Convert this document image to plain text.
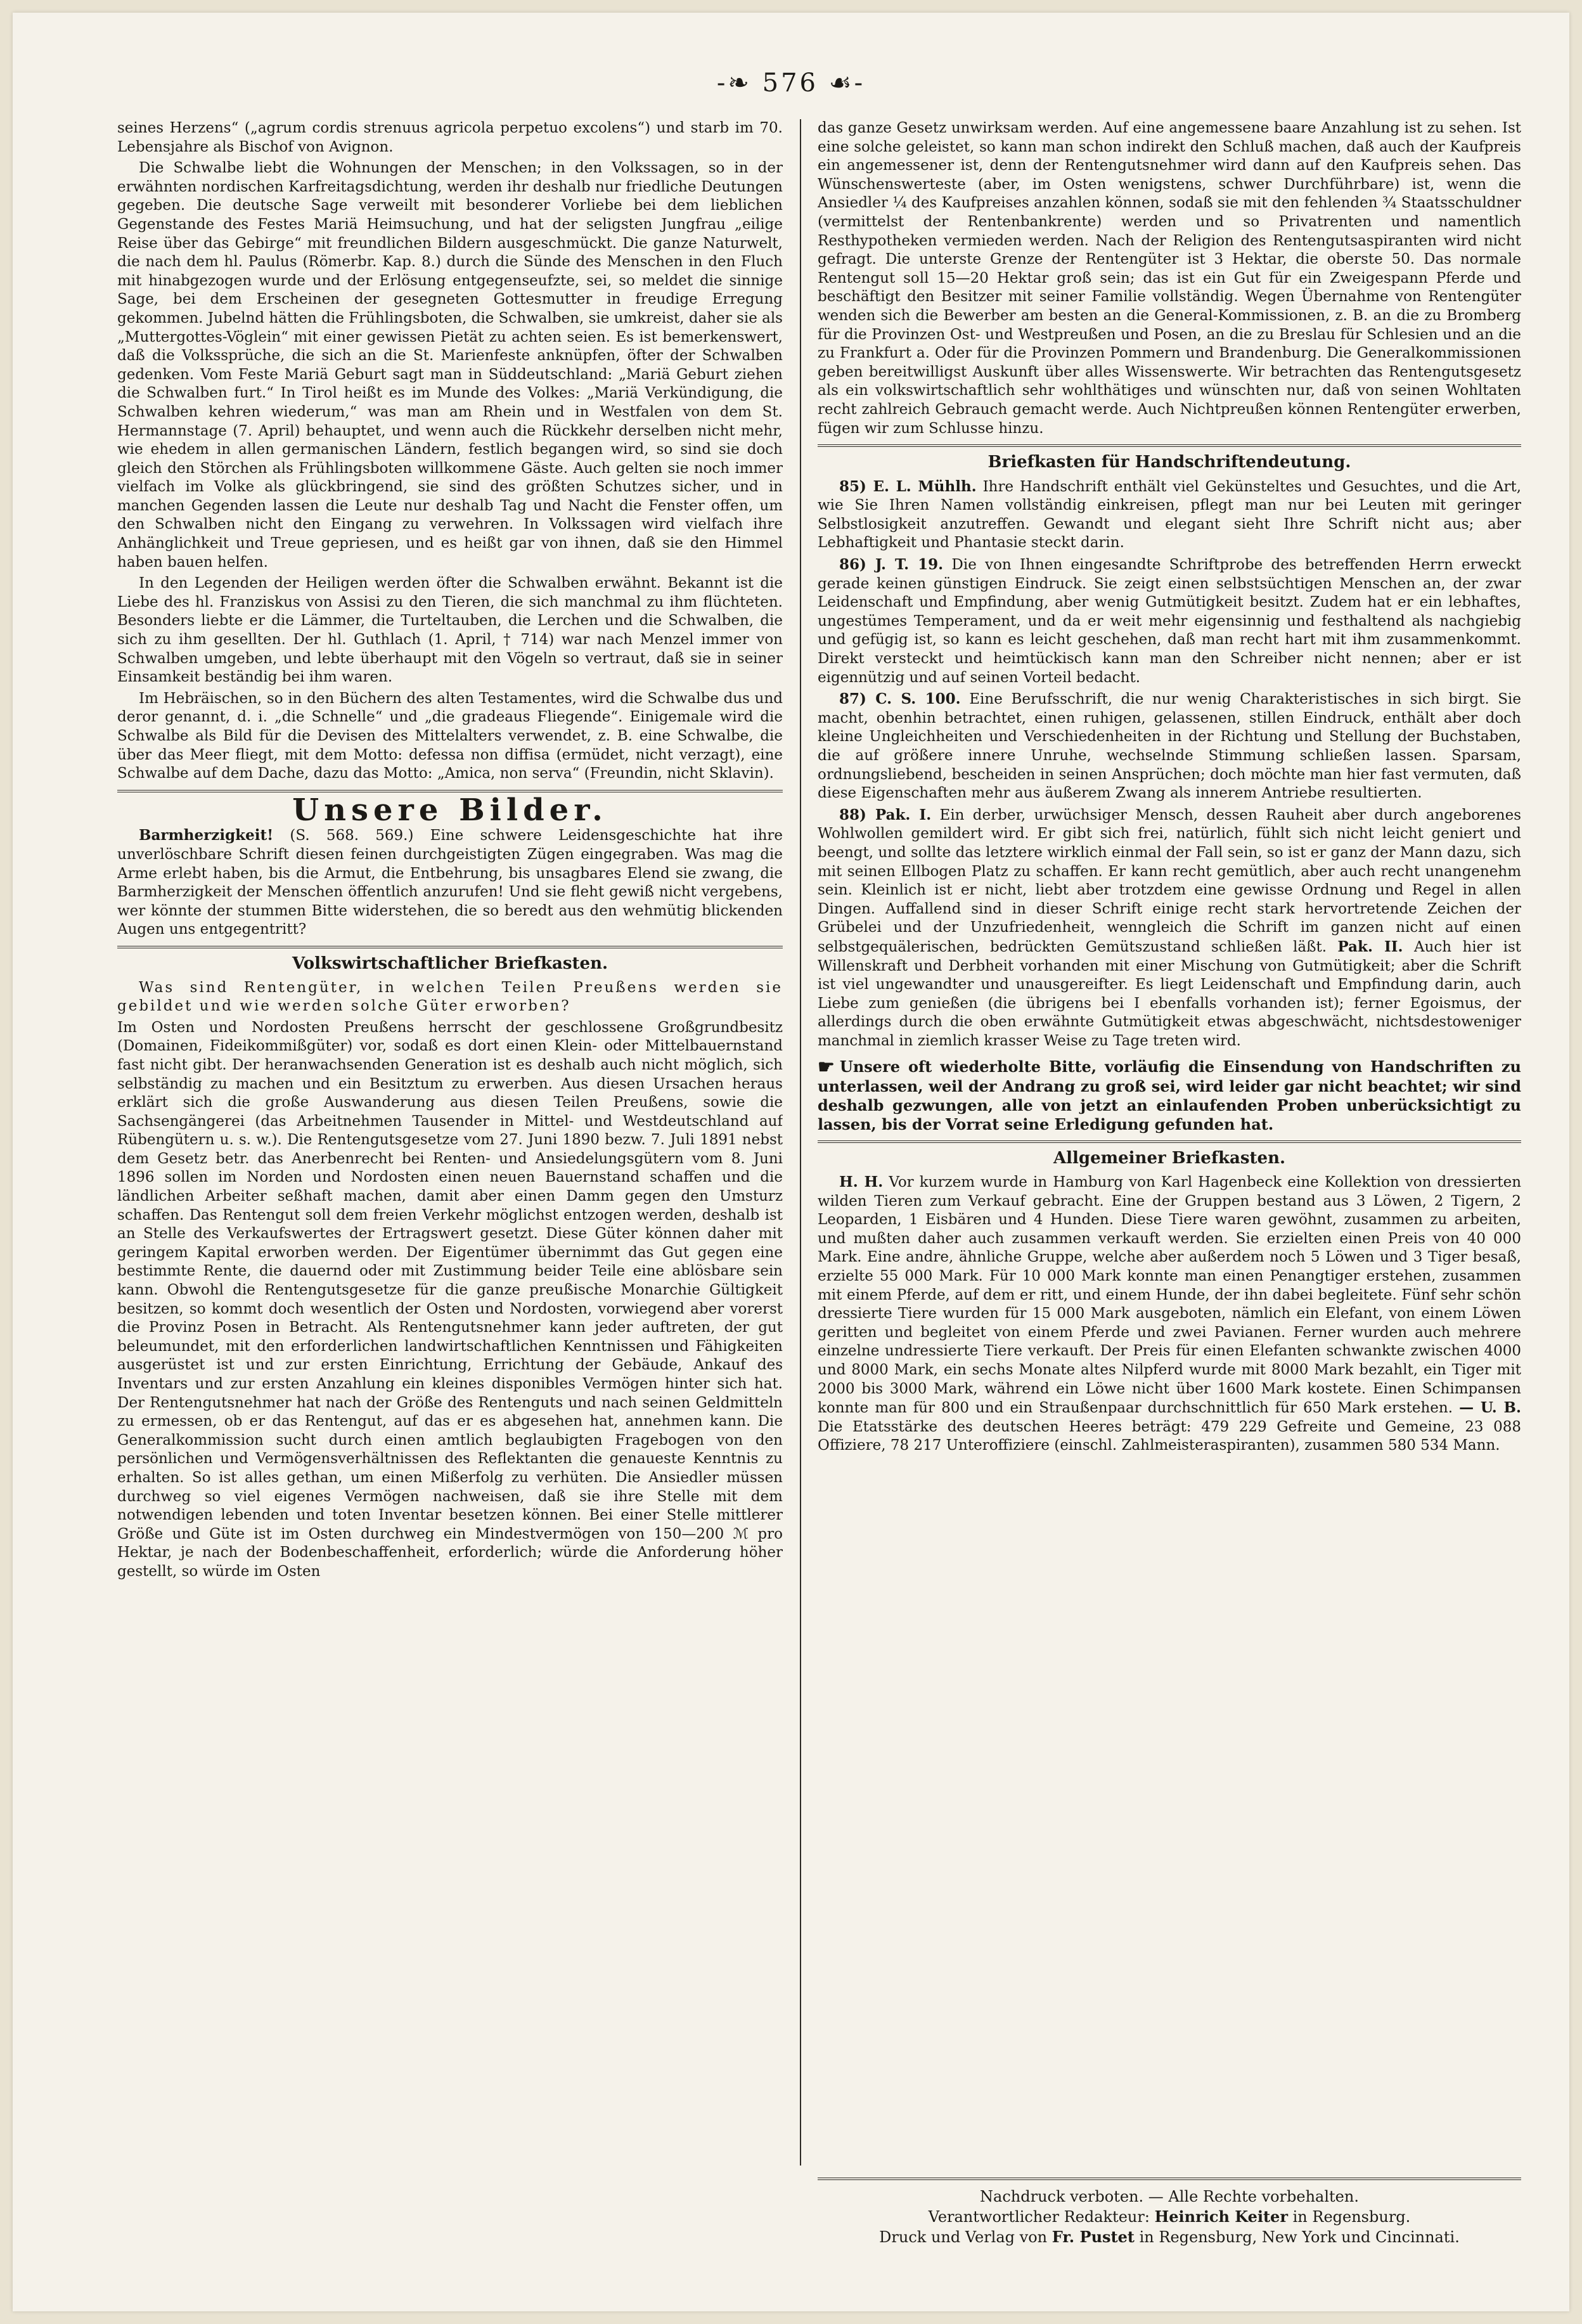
-❧ 576 ☙-

seines Herzens“ („agrum cordis strenuus agricola perpetuo excolens“) und starb im 70. Lebensjahre als Bischof von Avignon.

Die Schwalbe liebt die Wohnungen der Menschen; in den Volkssagen, so in der erwähnten nordischen Karfreitagsdichtung, werden ihr deshalb nur friedliche Deutungen gegeben. Die deutsche Sage verweilt mit besonderer Vorliebe bei dem lieblichen Gegenstande des Festes Mariä Heimsuchung, und hat der seligsten Jungfrau „eilige Reise über das Gebirge“ mit freundlichen Bildern ausgeschmückt. Die ganze Naturwelt, die nach dem hl. Paulus (Römerbr. Kap. 8.) durch die Sünde des Menschen in den Fluch mit hinabgezogen wurde und der Erlösung entgegenseufzte, sei, so meldet die sinnige Sage, bei dem Erscheinen der gesegneten Gottesmutter in freudige Erregung gekommen. Jubelnd hätten die Frühlingsboten, die Schwalben, sie umkreist, daher sie als „Muttergottes-Vöglein“ mit einer gewissen Pietät zu achten seien. Es ist bemerkenswert, daß die Volkssprüche, die sich an die St. Marienfeste anknüpfen, öfter der Schwalben gedenken. Vom Feste Mariä Geburt sagt man in Süddeutschland: „Mariä Geburt ziehen die Schwalben furt.“ In Tirol heißt es im Munde des Volkes: „Mariä Verkündigung, die Schwalben kehren wiederum,“ was man am Rhein und in Westfalen von dem St. Hermannstage (7. April) behauptet, und wenn auch die Rückkehr derselben nicht mehr, wie ehedem in allen germanischen Ländern, festlich begangen wird, so sind sie doch gleich den Störchen als Frühlingsboten willkommene Gäste. Auch gelten sie noch immer vielfach im Volke als glückbringend, sie sind des größten Schutzes sicher, und in manchen Gegenden lassen die Leute nur deshalb Tag und Nacht die Fenster offen, um den Schwalben nicht den Eingang zu verwehren. In Volkssagen wird vielfach ihre Anhänglichkeit und Treue gepriesen, und es heißt gar von ihnen, daß sie den Himmel haben bauen helfen.

In den Legenden der Heiligen werden öfter die Schwalben erwähnt. Bekannt ist die Liebe des hl. Franziskus von Assisi zu den Tieren, die sich manchmal zu ihm flüchteten. Besonders liebte er die Lämmer, die Turteltauben, die Lerchen und die Schwalben, die sich zu ihm gesellten. Der hl. Guthlach (1. April, † 714) war nach Menzel immer von Schwalben umgeben, und lebte überhaupt mit den Vögeln so vertraut, daß sie in seiner Einsamkeit beständig bei ihm waren.

Im Hebräischen, so in den Büchern des alten Testamentes, wird die Schwalbe dus und deror genannt, d. i. „die Schnelle“ und „die gradeaus Fliegende“. Einigemale wird die Schwalbe als Bild für die Devisen des Mittelalters verwendet, z. B. eine Schwalbe, die über das Meer fliegt, mit dem Motto: defessa non diffisa (ermüdet, nicht verzagt), eine Schwalbe auf dem Dache, dazu das Motto: „Amica, non serva“ (Freundin, nicht Sklavin).

Unsere Bilder.

Barmherzigkeit! (S. 568. 569.) Eine schwere Leidensgeschichte hat ihre unverlöschbare Schrift diesen feinen durchgeistigten Zügen eingegraben. Was mag die Arme erlebt haben, bis die Armut, die Entbehrung, bis unsagbares Elend sie zwang, die Barmherzigkeit der Menschen öffentlich anzurufen! Und sie fleht gewiß nicht vergebens, wer könnte der stummen Bitte widerstehen, die so beredt aus den wehmütig blickenden Augen uns entgegentritt?

Volkswirtschaftlicher Briefkasten.

Was sind Rentengüter, in welchen Teilen Preußens werden sie gebildet und wie werden solche Güter erworben?

Im Osten und Nordosten Preußens herrscht der geschlossene Großgrundbesitz (Domainen, Fideikommißgüter) vor, sodaß es dort einen Klein- oder Mittelbauernstand fast nicht gibt. Der heranwachsenden Generation ist es deshalb auch nicht möglich, sich selbständig zu machen und ein Besitztum zu erwerben. Aus diesen Ursachen heraus erklärt sich die große Auswanderung aus diesen Teilen Preußens, sowie die Sachsengängerei (das Arbeitnehmen Tausender in Mittel- und Westdeutschland auf Rübengütern u. s. w.). Die Rentengutsgesetze vom 27. Juni 1890 bezw. 7. Juli 1891 nebst dem Gesetz betr. das Anerbenrecht bei Renten- und Ansiedelungsgütern vom 8. Juni 1896 sollen im Norden und Nordosten einen neuen Bauernstand schaffen und die ländlichen Arbeiter seßhaft machen, damit aber einen Damm gegen den Umsturz schaffen. Das Rentengut soll dem freien Verkehr möglichst entzogen werden, deshalb ist an Stelle des Verkaufswertes der Ertragswert gesetzt. Diese Güter können daher mit geringem Kapital erworben werden. Der Eigentümer übernimmt das Gut gegen eine bestimmte Rente, die dauernd oder mit Zustimmung beider Teile eine ablösbare sein kann. Obwohl die Rentengutsgesetze für die ganze preußische Monarchie Gültigkeit besitzen, so kommt doch wesentlich der Osten und Nordosten, vorwiegend aber vorerst die Provinz Posen in Betracht. Als Rentengutsnehmer kann jeder auftreten, der gut beleumundet, mit den erforderlichen landwirtschaftlichen Kenntnissen und Fähigkeiten ausgerüstet ist und zur ersten Einrichtung, Errichtung der Gebäude, Ankauf des Inventars und zur ersten Anzahlung ein kleines disponibles Vermögen hinter sich hat. Der Rentengutsnehmer hat nach der Größe des Rentenguts und nach seinen Geldmitteln zu ermessen, ob er das Rentengut, auf das er es abgesehen hat, annehmen kann. Die Generalkommission sucht durch einen amtlich beglaubigten Fragebogen von den persönlichen und Vermögensverhältnissen des Reflektanten die genaueste Kenntnis zu erhalten. So ist alles gethan, um einen Mißerfolg zu verhüten. Die Ansiedler müssen durchweg so viel eigenes Vermögen nachweisen, daß sie ihre Stelle mit dem notwendigen lebenden und toten Inventar besetzen können. Bei einer Stelle mittlerer Größe und Güte ist im Osten durchweg ein Mindestvermögen von 150—200 ℳ pro Hektar, je nach der Bodenbeschaffenheit, erforderlich; würde die Anforderung höher gestellt, so würde im Osten

das ganze Gesetz unwirksam werden. Auf eine angemessene baare Anzahlung ist zu sehen. Ist eine solche geleistet, so kann man schon indirekt den Schluß machen, daß auch der Kaufpreis ein angemessener ist, denn der Rentengutsnehmer wird dann auf den Kaufpreis sehen. Das Wünschenswerteste (aber, im Osten wenigstens, schwer Durchführbare) ist, wenn die Ansiedler ¼ des Kaufpreises anzahlen können, sodaß sie mit den fehlenden ¾ Staatsschuldner (vermittelst der Rentenbankrente) werden und so Privatrenten und namentlich Resthypotheken vermieden werden. Nach der Religion des Rentengutsaspiranten wird nicht gefragt. Die unterste Grenze der Rentengüter ist 3 Hektar, die oberste 50. Das normale Rentengut soll 15—20 Hektar groß sein; das ist ein Gut für ein Zweigespann Pferde und beschäftigt den Besitzer mit seiner Familie vollständig. Wegen Übernahme von Rentengüter wenden sich die Bewerber am besten an die General-Kommissionen, z. B. an die zu Bromberg für die Provinzen Ost- und Westpreußen und Posen, an die zu Breslau für Schlesien und an die zu Frankfurt a. Oder für die Provinzen Pommern und Brandenburg. Die Generalkommissionen geben bereitwilligst Auskunft über alles Wissenswerte. Wir betrachten das Rentengutsgesetz als ein volkswirtschaftlich sehr wohlthätiges und wünschten nur, daß von seinen Wohltaten recht zahlreich Gebrauch gemacht werde. Auch Nichtpreußen können Rentengüter erwerben, fügen wir zum Schlusse hinzu.

Briefkasten für Handschriftendeutung.

85) E. L. Mühlh. Ihre Handschrift enthält viel Gekünsteltes und Gesuchtes, und die Art, wie Sie Ihren Namen vollständig einkreisen, pflegt man nur bei Leuten mit geringer Selbstlosigkeit anzutreffen. Gewandt und elegant sieht Ihre Schrift nicht aus; aber Lebhaftigkeit und Phantasie steckt darin.

86) J. T. 19. Die von Ihnen eingesandte Schriftprobe des betreffenden Herrn erweckt gerade keinen günstigen Eindruck. Sie zeigt einen selbstsüchtigen Menschen an, der zwar Leidenschaft und Empfindung, aber wenig Gutmütigkeit besitzt. Zudem hat er ein lebhaftes, ungestümes Temperament, und da er weit mehr eigensinnig und festhaltend als nachgiebig und gefügig ist, so kann es leicht geschehen, daß man recht hart mit ihm zusammenkommt. Direkt versteckt und heimtückisch kann man den Schreiber nicht nennen; aber er ist eigennützig und auf seinen Vorteil bedacht.

87) C. S. 100. Eine Berufsschrift, die nur wenig Charakteristisches in sich birgt. Sie macht, obenhin betrachtet, einen ruhigen, gelassenen, stillen Eindruck, enthält aber doch kleine Ungleichheiten und Verschiedenheiten in der Richtung und Stellung der Buchstaben, die auf größere innere Unruhe, wechselnde Stimmung schließen lassen. Sparsam, ordnungsliebend, bescheiden in seinen Ansprüchen; doch möchte man hier fast vermuten, daß diese Eigenschaften mehr aus äußerem Zwang als innerem Antriebe resultierten.

88) Pak. I. Ein derber, urwüchsiger Mensch, dessen Rauheit aber durch angeborenes Wohlwollen gemildert wird. Er gibt sich frei, natürlich, fühlt sich nicht leicht geniert und beengt, und sollte das letztere wirklich einmal der Fall sein, so ist er ganz der Mann dazu, sich mit seinen Ellbogen Platz zu schaffen. Er kann recht gemütlich, aber auch recht unangenehm sein. Kleinlich ist er nicht, liebt aber trotzdem eine gewisse Ordnung und Regel in allen Dingen. Auffallend sind in dieser Schrift einige recht stark hervortretende Zeichen der Grübelei und der Unzufriedenheit, wenngleich die Schrift im ganzen nicht auf einen selbstgequälerischen, bedrückten Gemütszustand schließen läßt. Pak. II. Auch hier ist Willenskraft und Derbheit vorhanden mit einer Mischung von Gutmütigkeit; aber die Schrift ist viel ungewandter und unausgereifter. Es liegt Leidenschaft und Empfindung darin, auch Liebe zum genießen (die übrigens bei I ebenfalls vorhanden ist); ferner Egoismus, der allerdings durch die oben erwähnte Gutmütigkeit etwas abgeschwächt, nichtsdestoweniger manchmal in ziemlich krasser Weise zu Tage treten wird.

☛ Unsere oft wiederholte Bitte, vorläufig die Einsendung von Handschriften zu unterlassen, weil der Andrang zu groß sei, wird leider gar nicht beachtet; wir sind deshalb gezwungen, alle von jetzt an einlaufenden Proben unberücksichtigt zu lassen, bis der Vorrat seine Erledigung gefunden hat.
Allgemeiner Briefkasten.

H. H. Vor kurzem wurde in Hamburg von Karl Hagenbeck eine Kollektion von dressierten wilden Tieren zum Verkauf gebracht. Eine der Gruppen bestand aus 3 Löwen, 2 Tigern, 2 Leoparden, 1 Eisbären und 4 Hunden. Diese Tiere waren gewöhnt, zusammen zu arbeiten, und mußten daher auch zusammen verkauft werden. Sie erzielten einen Preis von 40 000 Mark. Eine andre, ähnliche Gruppe, welche aber außerdem noch 5 Löwen und 3 Tiger besaß, erzielte 55 000 Mark. Für 10 000 Mark konnte man einen Penangtiger erstehen, zusammen mit einem Pferde, auf dem er ritt, und einem Hunde, der ihn dabei begleitete. Fünf sehr schön dressierte Tiere wurden für 15 000 Mark ausgeboten, nämlich ein Elefant, von einem Löwen geritten und begleitet von einem Pferde und zwei Pavianen. Ferner wurden auch mehrere einzelne undressierte Tiere verkauft. Der Preis für einen Elefanten schwankte zwischen 4000 und 8000 Mark, ein sechs Monate altes Nilpferd wurde mit 8000 Mark bezahlt, ein Tiger mit 2000 bis 3000 Mark, während ein Löwe nicht über 1600 Mark kostete. Einen Schimpansen konnte man für 800 und ein Straußenpaar durchschnittlich für 650 Mark erstehen. — U. B. Die Etatsstärke des deutschen Heeres beträgt: 479 229 Gefreite und Gemeine, 23 088 Offiziere, 78 217 Unteroffiziere (einschl. Zahlmeisteraspiranten), zusammen 580 534 Mann.

Nachdruck verboten. — Alle Rechte vorbehalten.
Verantwortlicher Redakteur: Heinrich Keiter in Regensburg.
Druck und Verlag von Fr. Pustet in Regensburg, New York und Cincinnati.
